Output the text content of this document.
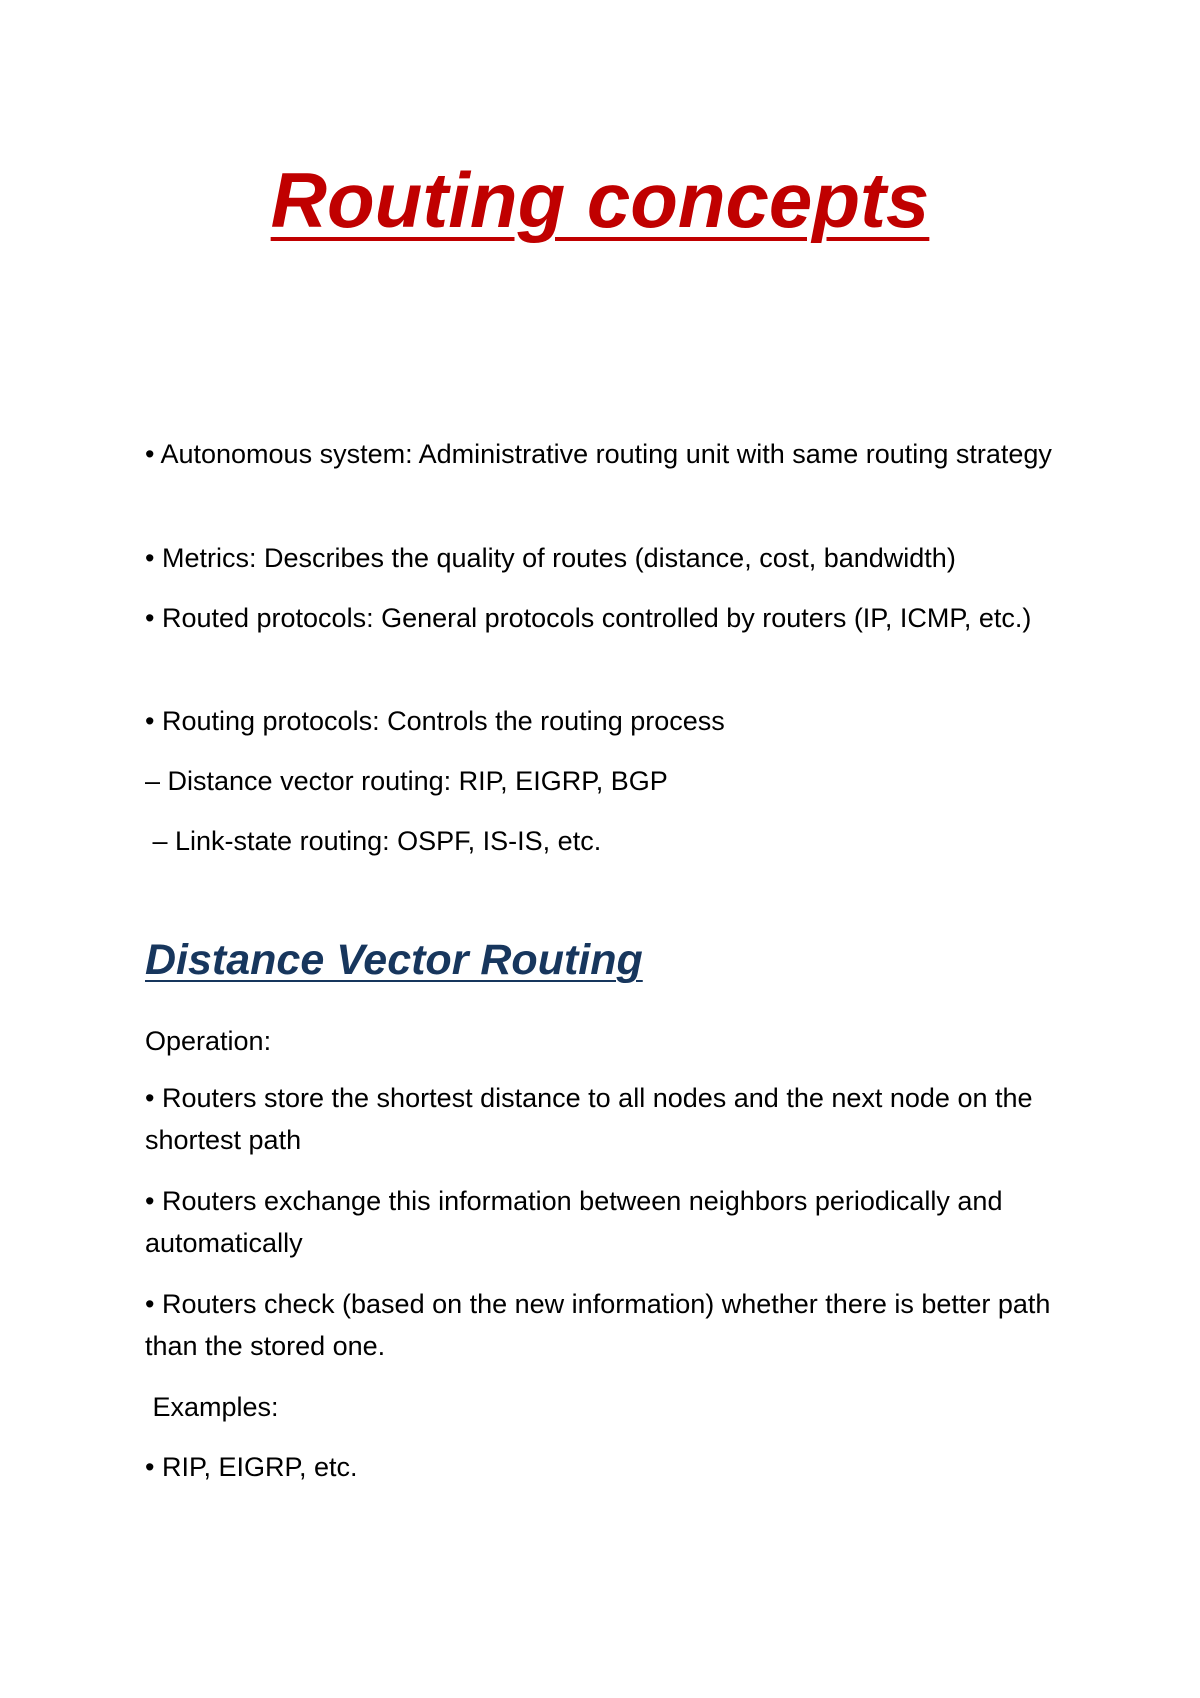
Routing concepts

• Autonomous system: Administrative routing unit with same routing strategy

• Metrics: Describes the quality of routes (distance, cost, bandwidth)

• Routed protocols: General protocols controlled by routers (IP, ICMP, etc.)

• Routing protocols: Controls the routing process

– Distance vector routing: RIP, EIGRP, BGP

– Link-state routing: OSPF, IS-IS, etc.

Distance Vector Routing

Operation:

• Routers store the shortest distance to all nodes and the next node on the shortest path

• Routers exchange this information between neighbors periodically and automatically

• Routers check (based on the new information) whether there is better path than the stored one.

Examples:

• RIP, EIGRP, etc.
